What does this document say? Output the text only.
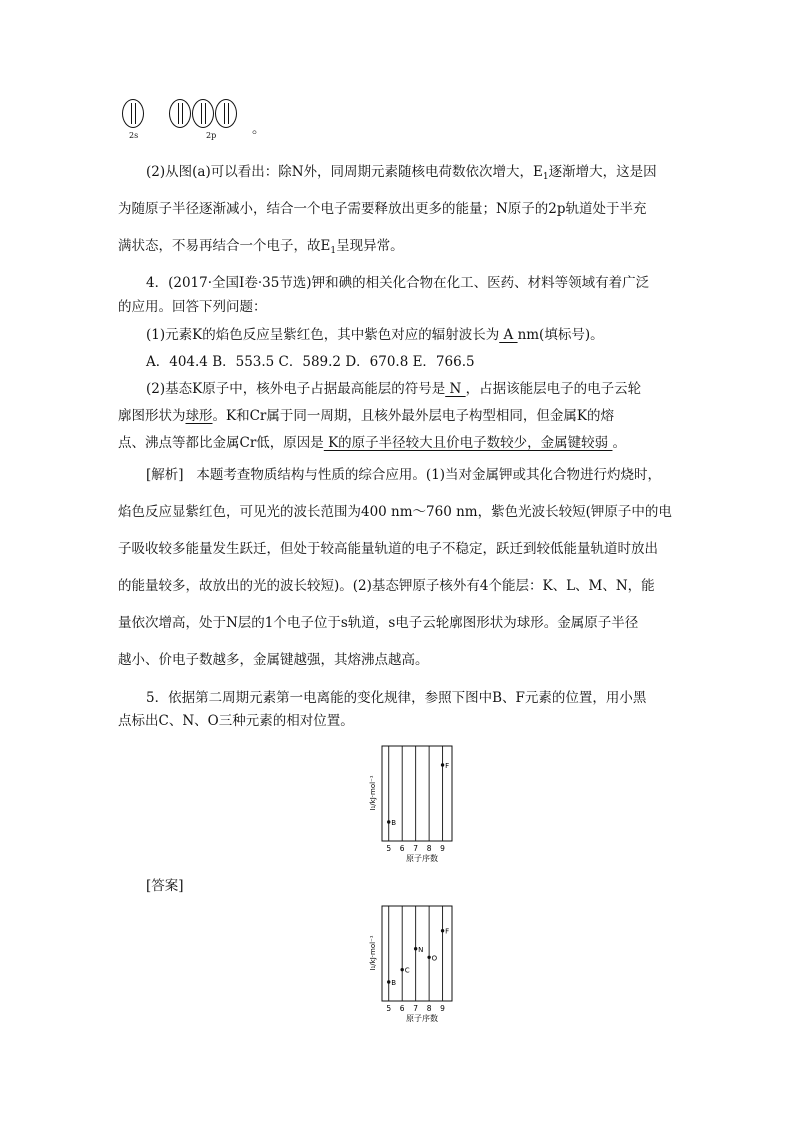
2s	2p	。
(2)从图(a)可以看出：除N外，同周期元素随核电荷数依次增大，$E_1$逐渐增大，这是因
为随原子半径逐渐减小，结合一个电子需要释放出更多的能量；N原子的2p轨道处于半充
满状态，不易再结合一个电子，故$E_1$呈现异常。
4．(2017·全国Ⅰ卷·35节选)钾和碘的相关化合物在化工、医药、材料等领域有着广泛
的应用。回答下列问题：
(1)元素K的焰色反应呈紫红色，其中紫色对应的辐射波长为 A nm(填标号)。
A．404.4 B．553.5 C．589.2 D．670.8 E．766.5
(2)基态K原子中，核外电子占据最高能层的符号是 N ，占据该能层电子的电子云轮
廓图形状为球形。K和Cr属于同一周期，且核外最外层电子构型相同，但金属K的熔
点、沸点等都比金属Cr低，原因是 K的原子半径较大且价电子数较少，金属键较弱 。
[解析] 本题考查物质结构与性质的综合应用。(1)当对金属钾或其化合物进行灼烧时，
焰色反应显紫红色，可见光的波长范围为400 nm～760 nm，紫色光波长较短(钾原子中的电
子吸收较多能量发生跃迁，但处于较高能量轨道的电子不稳定，跃迁到较低能量轨道时放出
的能量较多，故放出的光的波长较短)。(2)基态钾原子核外有4个能层：K、L、M、N，能
量依次增高，处于N层的1个电子位于s轨道，s电子云轮廓图形状为球形。金属原子半径
越小、价电子数越多，金属键越强，其熔沸点越高。
5．依据第二周期元素第一电离能的变化规律，参照下图中B、F元素的位置，用小黑
点标出C、N、O三种元素的相对位置。
5 6 7 8 9
B
F
I₁/kJ·mol⁻¹
原子序数
[答案]
5 6 7 8 9
B
C
N
O
F
I₁/kJ·mol⁻¹
原子序数
